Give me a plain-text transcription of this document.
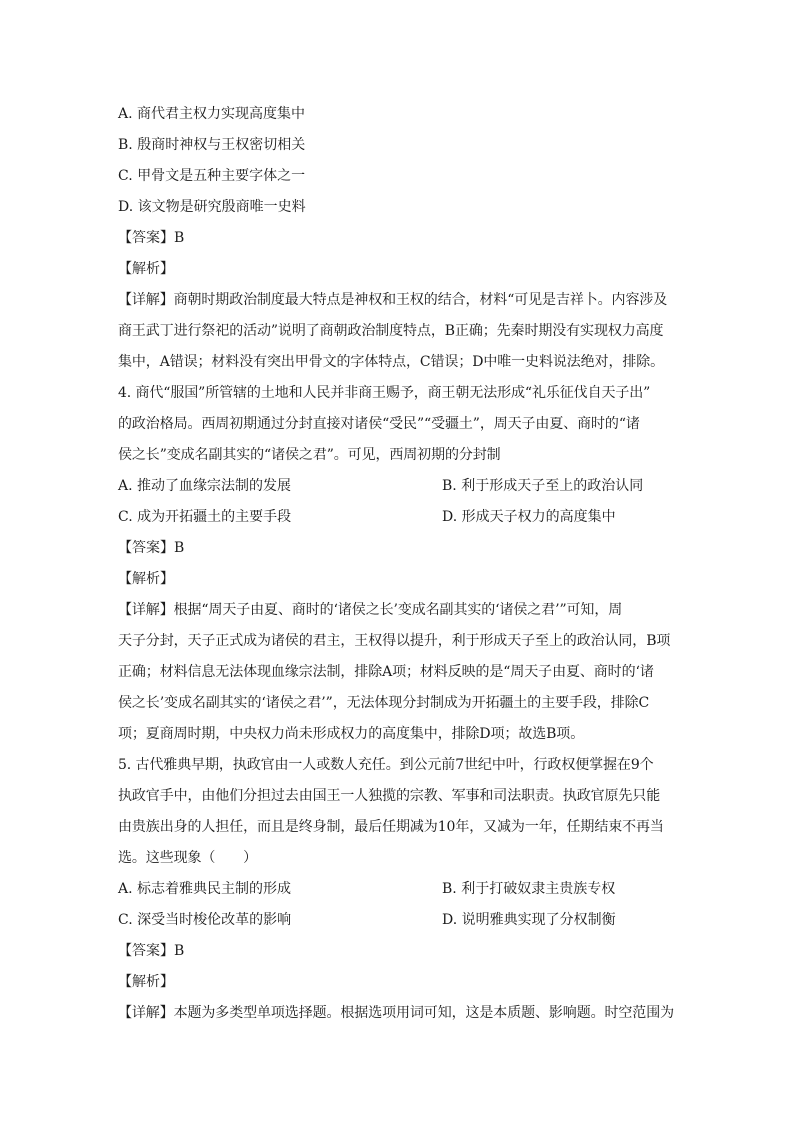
A. 商代君主权力实现高度集中
B. 殷商时神权与王权密切相关
C. 甲骨文是五种主要字体之一
D. 该文物是研究殷商唯一史料
【答案】B
【解析】
【详解】商朝时期政治制度最大特点是神权和王权的结合，材料“可见是吉祥卜。内容涉及
商王武丁进行祭祀的活动”说明了商朝政治制度特点，B正确；先秦时期没有实现权力高度
集中，A错误；材料没有突出甲骨文的字体特点，C错误；D中唯一史料说法绝对，排除。
4. 商代“服国”所管辖的土地和人民并非商王赐予，商王朝无法形成“礼乐征伐自天子出”
的政治格局。西周初期通过分封直接对诸侯“受民”“受疆土”，周天子由夏、商时的“诸
侯之长”变成名副其实的“诸侯之君”。可见，西周初期的分封制
A. 推动了血缘宗法制的发展	B. 利于形成天子至上的政治认同
C. 成为开拓疆土的主要手段	D. 形成天子权力的高度集中
【答案】B
【解析】
【详解】根据“周天子由夏、商时的‘诸侯之长’变成名副其实的‘诸侯之君’”可知，周
天子分封，天子正式成为诸侯的君主，王权得以提升，利于形成天子至上的政治认同，B项
正确；材料信息无法体现血缘宗法制，排除A项；材料反映的是“周天子由夏、商时的‘诸
侯之长’变成名副其实的‘诸侯之君’”，无法体现分封制成为开拓疆土的主要手段，排除C
项；夏商周时期，中央权力尚未形成权力的高度集中，排除D项；故选B项。
5. 古代雅典早期，执政官由一人或数人充任。到公元前7世纪中叶，行政权便掌握在9个
执政官手中，由他们分担过去由国王一人独揽的宗教、军事和司法职责。执政官原先只能
由贵族出身的人担任，而且是终身制，最后任期减为10年，又减为一年，任期结束不再当
选。这些现象（　　）
A. 标志着雅典民主制的形成	B. 利于打破奴隶主贵族专权
C. 深受当时梭伦改革的影响	D. 说明雅典实现了分权制衡
【答案】B
【解析】
【详解】本题为多类型单项选择题。根据选项用词可知，这是本质题、影响题。时空范围为
